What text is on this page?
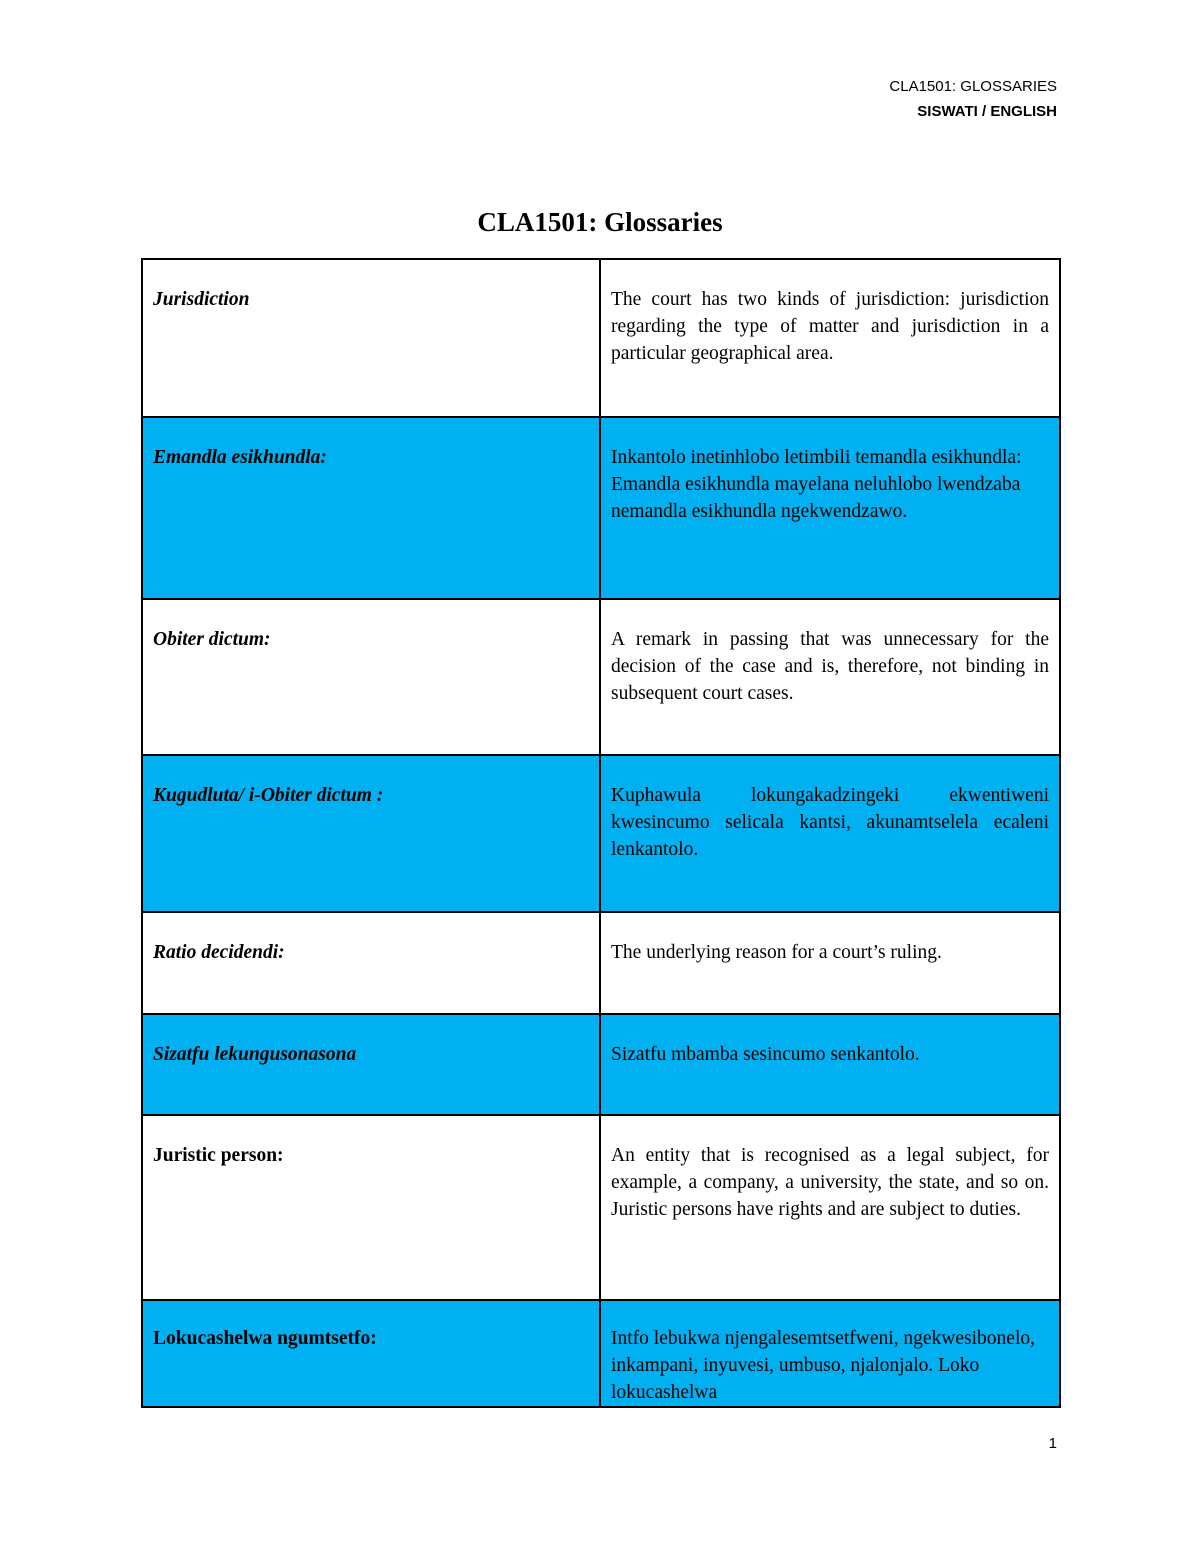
CLA1501: GLOSSARIES
SISWATI / ENGLISH
CLA1501: Glossaries
Jurisdiction	The court has two kinds of jurisdiction: jurisdiction regarding the type of matter and jurisdiction in a particular geographical area.
Emandla esikhundla:	Inkantolo inetinhlobo letimbili temandla esikhundla: Emandla esikhundla mayelana neluhlobo lwendzaba nemandla esikhundla ngekwendzawo.
Obiter dictum:	A remark in passing that was unnecessary for the decision of the case and is, therefore, not binding in subsequent court cases.
Kugudluta/ i-Obiter dictum :	Kuphawula lokungakadzingeki ekwentiweni kwesincumo selicala kantsi, akunamtselela ecaleni lenkantolo.
Ratio decidendi:	The underlying reason for a court’s ruling.
Sizatfu lekungusonasona	Sizatfu mbamba sesincumo senkantolo.
Juristic person:	An entity that is recognised as a legal subject, for example, a company, a university, the state, and so on. Juristic persons have rights and are subject to duties.
Lokucashelwa ngumtsetfo:	Intfo lebukwa njengalesemtsetfweni, ngekwesibonelo, inkampani, inyuvesi, umbuso, njalonjalo. Loko lokucashelwa
1
